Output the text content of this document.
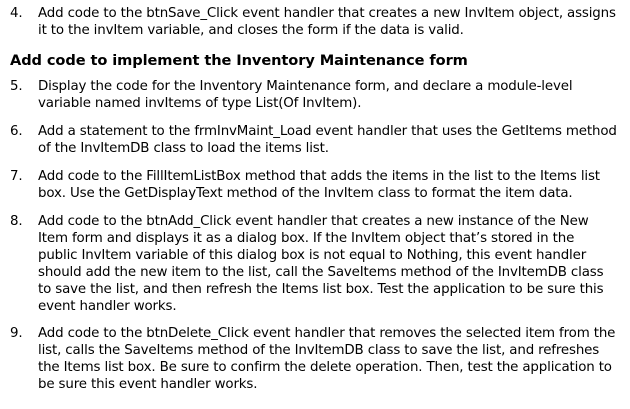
4. Add code to the btnSave_Click event handler that creates a new InvItem object, assigns
it to the invItem variable, and closes the form if the data is valid.
Add code to implement the Inventory Maintenance form
5. Display the code for the Inventory Maintenance form, and declare a module-level
variable named invItems of type List(Of InvItem).
6. Add a statement to the frmInvMaint_Load event handler that uses the GetItems method
of the InvItemDB class to load the items list.
7. Add code to the FillItemListBox method that adds the items in the list to the Items list
box. Use the GetDisplayText method of the InvItem class to format the item data.
8. Add code to the btnAdd_Click event handler that creates a new instance of the New
Item form and displays it as a dialog box. If the InvItem object that’s stored in the
public InvItem variable of this dialog box is not equal to Nothing, this event handler
should add the new item to the list, call the SaveItems method of the InvItemDB class
to save the list, and then refresh the Items list box. Test the application to be sure this
event handler works.
9. Add code to the btnDelete_Click event handler that removes the selected item from the
list, calls the SaveItems method of the InvItemDB class to save the list, and refreshes
the Items list box. Be sure to confirm the delete operation. Then, test the application to
be sure this event handler works.
